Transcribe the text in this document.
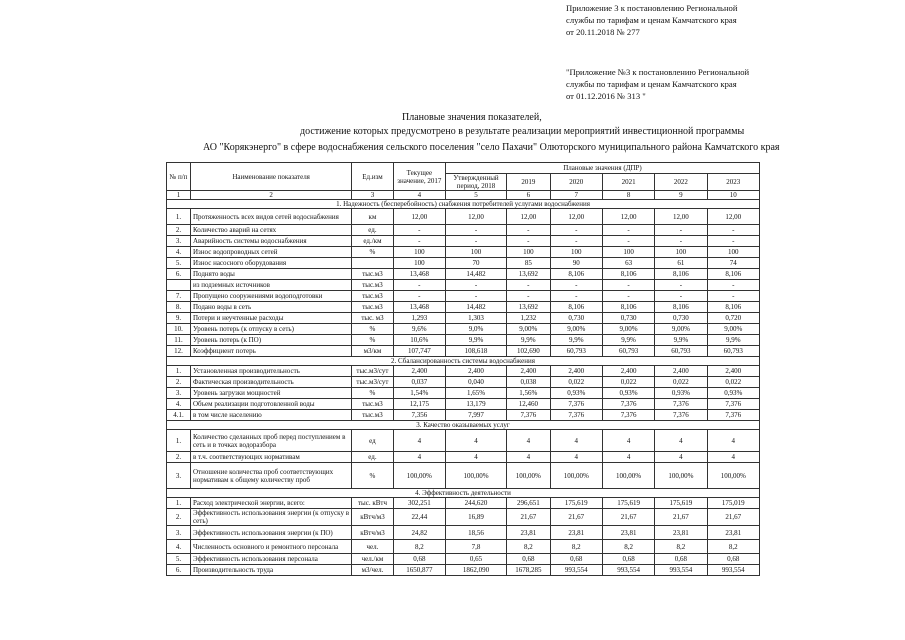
Приложение 3 к постановлению Региональной
службы по тарифам и ценам Камчатского края
от 20.11.2018 № 277
"Приложение №3 к постановлению Региональной
службы по тарифам и ценам Камчатского края
от 01.12.2016 № 313 "
Плановые значения показателей,
достижение которых предусмотрено в результате реализации мероприятий инвестиционной программы
АО "Корякэнерго" в сфере водоснабжения сельского поселения "село Пахачи" Олюторского муниципального района Камчатского края
№ п/п	Наименование показателя	Ед.изм	Текущее значение, 2017	Плановые значения (ДПР)					
				Утвержденный период, 2018	2019	2020	2021	2022	2023
1	2	3	4	5	6	7	8	9	10
1. Надежность (бесперебойность) снабжения потребителей услугами водоснабжения									
1.	Протяженность всех видов сетей водоснабжения	км	12,00	12,00	12,00	12,00	12,00	12,00	12,00
2.	Количество аварий на сетях	ед.	-	-	-	-	-	-	-
3.	Аварийность системы водоснабжения	ед./км	-	-	-	-	-	-	-
4.	Износ водопроводных сетей	%	100	100	100	100	100	100	100
5.	Износ насосного оборудования		100	70	85	90	63	61	74
6.	Поднято воды	тыс.м3	13,468	14,482	13,692	8,106	8,106	8,106	8,106
	из подземных источников	тыс.м3	-	-	-	-	-	-	-
7.	Пропущено сооружениями водоподготовки	тыс.м3	-	-	-	-	-	-	-
8.	Подано воды в сеть	тыс.м3	13,468	14,482	13,692	8,106	8,106	8,106	8,106
9.	Потери и неучтенные расходы	тыс. м3	1,293	1,303	1,232	0,730	0,730	0,730	0,720
10.	Уровень потерь (к отпуску в сеть)	%	9,6%	9,0%	9,00%	9,00%	9,00%	9,00%	9,00%
11.	Уровень потерь (к ПО)	%	10,6%	9,9%	9,9%	9,9%	9,9%	9,9%	9,9%
12.	Коэффициент потерь	м3/км	107,747	108,618	102,690	60,793	60,793	60,793	60,793
2. Сбалансированность системы водоснабжения									
1.	Установленная производительность	тыс.м3/сут	2,400	2,400	2,400	2,400	2,400	2,400	2,400
2.	Фактическая производительность	тыс.м3/сут	0,037	0,040	0,038	0,022	0,022	0,022	0,022
3.	Уровень загрузки мощностей	%	1,54%	1,65%	1,56%	0,93%	0,93%	0,93%	0,93%
4.	Объем реализации подготовленной воды	тыс.м3	12,175	13,179	12,460	7,376	7,376	7,376	7,376
4.1.	в том числе населению	тыс.м3	7,356	7,997	7,376	7,376	7,376	7,376	7,376
3. Качество оказываемых услуг									
1.	Количество сделанных проб перед поступлением в сеть и в точках водоразбора	ед	4	4	4	4	4	4	4
2.	в т.ч. соответствующих нормативам	ед.	4	4	4	4	4	4	4
3.	Отношение количества проб соответствующих нормативам к общему количеству проб	%	100,00%	100,00%	100,00%	100,00%	100,00%	100,00%	100,00%
4. Эффективность деятельности									
1.	Расход электрической энергии, всего:	тыс. кВтч	302,251	244,620	296,651	175,619	175,619	175,619	175,019
2.	Эффективность использования энергии (к отпуску в сеть)	кВтч/м3	22,44	16,89	21,67	21,67	21,67	21,67	21,67
3.	Эффективность использования энергии (к ПО)	кВтч/м3	24,82	18,56	23,81	23,81	23,81	23,81	23,81
4.	Численность основного и ремонтного персонала	чел.	8,2	7,8	8,2	8,2	8,2	8,2	8,2
5.	Эффективность использования персонала	чел./км	0,68	0,65	0,68	0,68	0,68	0,68	0,68
6.	Производительность труда	м3/чел.	1650,877	1862,090	1678,285	993,554	993,554	993,554	993,554
